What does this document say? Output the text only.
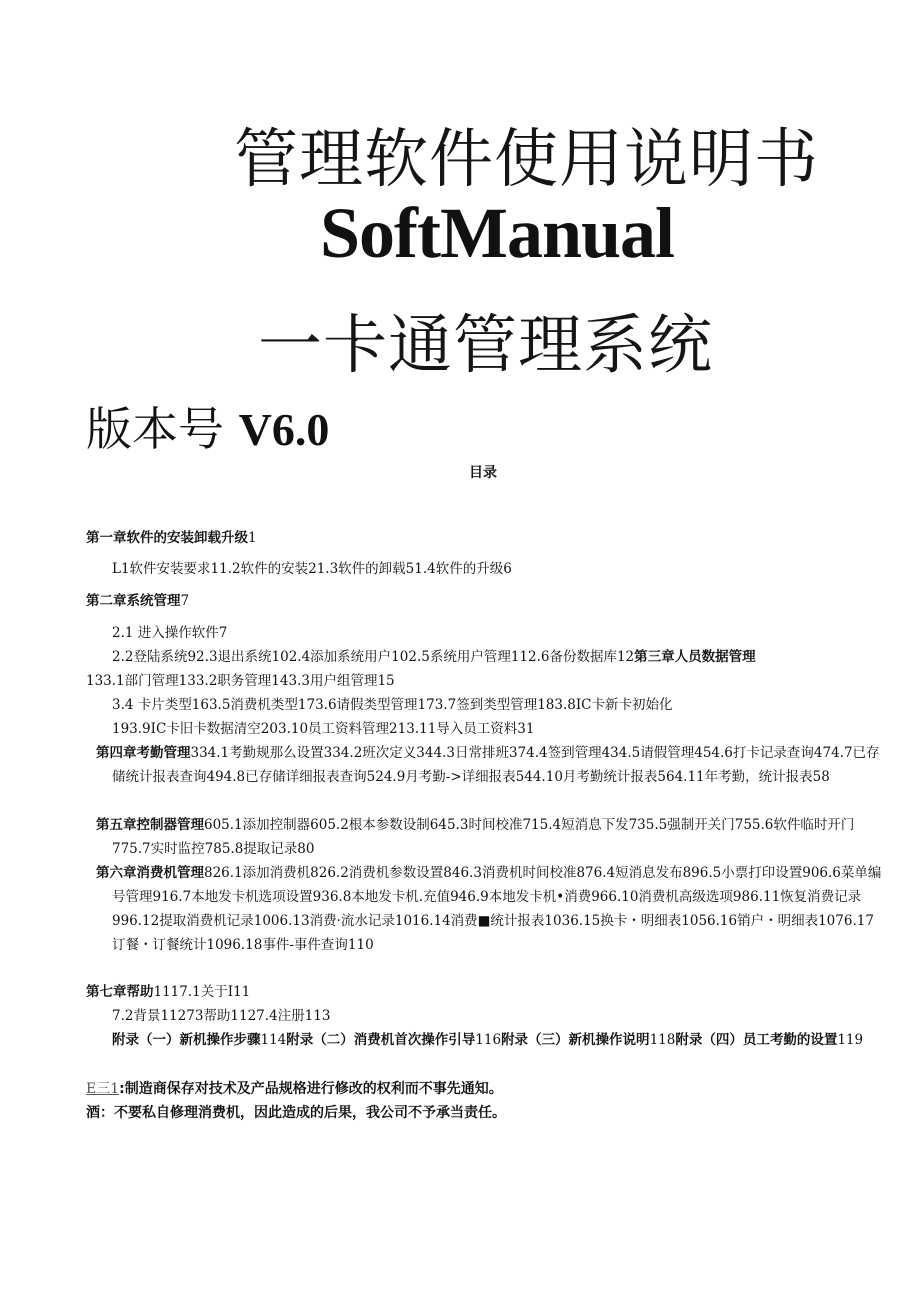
管理软件使用说明书
SoftManual
一卡通管理系统
版本号 V6.0
目录
第一章软件的安装卸载升级1
L1软件安装要求11.2软件的安装21.3软件的卸载51.4软件的升级6
第二章系统管理7
2.1 进入操作软件7
2.2登陆系统92.3退出系统102.4添加系统用户102.5系统用户管理112.6备份数据库12第三章人员数据管理
133.1部门管理133.2职务管理143.3用户组管理15
3.4 卡片类型163.5消费机类型173.6请假类型管理173.7签到类型管理183.8IC卡新卡初始化
193.9IC卡旧卡数据清空203.10员工资料管理213.11导入员工资料31
第四章考勤管理334.1考勤规那么设置334.2班次定义344.3日常排班374.4签到管理434.5请假管理454.6打卡记录查询474.7已存储统计报表查询494.8已存储详细报表查询524.9月考勤->详细报表544.10月考勤统计报表564.11年考勤，统计报表58
第五章控制器管理605.1添加控制器605.2根本参数设制645.3时间校准715.4短消息下发735.5强制开关门755.6软件临时开门775.7实时监控785.8提取记录80
第六章消费机管理826.1添加消费机826.2消费机参数设置846.3消费机时间校准876.4短消息发布896.5小票打印设置906.6菜单编号管理916.7本地发卡机选项设置936.8本地发卡机.充值946.9本地发卡机•消费966.10消费机高级选项986.11恢复消费记录996.12提取消费机记录1006.13消费·流水记录1016.14消费■统计报表1036.15换卡・明细表1056.16销户・明细表1076.17订餐・订餐统计1096.18事件-事件查询110
第七章帮助1117.1关于I11
7.2背景11273帮助1127.4注册113
附录（一）新机操作步骤114附录（二）消费机首次操作引导116附录（三）新机操作说明118附录（四）员工考勤的设置119
E三1:制造商保存对技术及产品规格进行修改的权利而不事先通知。
酒：不要私自修理消费机，因此造成的后果，我公司不予承当责任。
